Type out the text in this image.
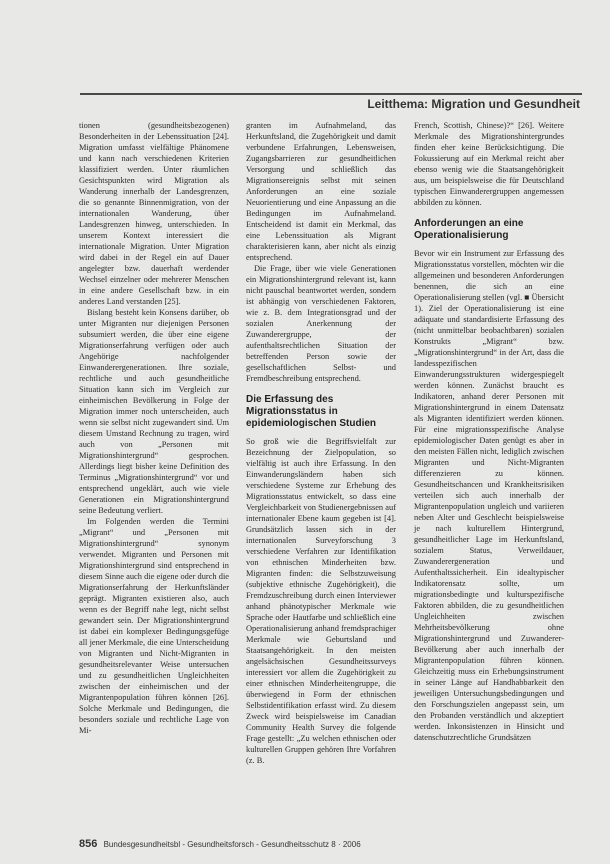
Leitthema: Migration und Gesundheit

tionen (gesundheitsbezogenen) Besonderheiten in der Lebenssituation [24]. Migration umfasst vielfältige Phänomene und kann nach verschiedenen Kriterien klassifiziert werden. Unter räumlichen Gesichtspunkten wird Migration als Wanderung innerhalb der Landesgrenzen, die so genannte Binnenmigration, von der internationalen Wanderung, über Landesgrenzen hinweg, unterschieden. In unserem Kontext interessiert die internationale Migration. Unter Migration wird dabei in der Regel ein auf Dauer angelegter bzw. dauerhaft werdender Wechsel einzelner oder mehrerer Menschen in eine andere Gesellschaft bzw. in ein anderes Land verstanden [25].

Bislang besteht kein Konsens darüber, ob unter Migranten nur diejenigen Personen subsumiert werden, die über eine eigene Migrationserfahrung verfügen oder auch Angehörige nachfolgender Einwanderergenerationen. Ihre soziale, rechtliche und auch gesundheitliche Situation kann sich im Vergleich zur einheimischen Bevölkerung in Folge der Migration immer noch unterscheiden, auch wenn sie selbst nicht zugewandert sind. Um diesem Umstand Rechnung zu tragen, wird auch von „Personen mit Migrationshintergrund“ gesprochen. Allerdings liegt bisher keine Definition des Terminus „Migrationshintergrund“ vor und entsprechend ungeklärt, auch wie viele Generationen ein Migrationshintergrund seine Bedeutung verliert.

Im Folgenden werden die Termini „Migrant“ und „Personen mit Migrationshintergrund“ synonym verwendet. Migranten und Personen mit Migrationshintergrund sind entsprechend in diesem Sinne auch die eigene oder durch die Migrationserfahrung der Herkunftsländer geprägt. Migranten existieren also, auch wenn es der Begriff nahe legt, nicht selbst gewandert sein. Der Migrationshintergrund ist dabei ein komplexer Bedingungsgefüge all jener Merkmale, die eine Unterscheidung von Migranten und Nicht-Migranten in gesundheitsrelevanter Weise untersuchen und zu gesundheitlichen Ungleichheiten zwischen der einheimischen und der Migrantenpopulation führen können [26]. Solche Merkmale und Bedingungen, die besonders soziale und rechtliche Lage von Mi-

granten im Aufnahmeland, das Herkunftsland, die Zugehörigkeit und damit verbundene Erfahrungen, Lebensweisen, Zugangsbarrieren zur gesundheitlichen Versorgung und schließlich das Migrationsereignis selbst mit seinen Anforderungen an eine soziale Neuorientierung und eine Anpassung an die Bedingungen im Aufnahmeland. Entscheidend ist damit ein Merkmal, das eine Lebenssituation als Migrant charakterisieren kann, aber nicht als einzig entsprechend.

Die Frage, über wie viele Generationen ein Migrationshintergrund relevant ist, kann nicht pauschal beantwortet werden, sondern ist abhängig von verschiedenen Faktoren, wie z. B. dem Integrationsgrad und der sozialen Anerkennung der Zuwanderergruppe, der aufenthaltsrechtlichen Situation der betreffenden Person sowie der gesellschaftlichen Selbst- und Fremdbeschreibung entsprechend.

Die Erfassung des Migrationsstatus in epidemiologischen Studien

So groß wie die Begriffsvielfalt zur Bezeichnung der Zielpopulation, so vielfältig ist auch ihre Erfassung. In den Einwanderungsländern haben sich verschiedene Systeme zur Erhebung des Migrationsstatus entwickelt, so dass eine Vergleichbarkeit von Studienergebnissen auf internationaler Ebene kaum gegeben ist [4]. Grundsätzlich lassen sich in der internationalen Surveyforschung 3 verschiedene Verfahren zur Identifikation von ethnischen Minderheiten bzw. Migranten finden: die Selbstzuweisung (subjektive ethnische Zugehörigkeit), die Fremdzuschreibung durch einen Interviewer anhand phänotypischer Merkmale wie Sprache oder Hautfarbe und schließlich eine Operationalisierung anhand fremdsprachiger Merkmale wie Geburtsland und Staatsangehörigkeit. In den meisten angelsächsischen Gesundheitssurveys interessiert vor allem die Zugehörigkeit zu einer ethnischen Minderheitengruppe, die überwiegend in Form der ethnischen Selbstidentifikation erfasst wird. Zu diesem Zweck wird beispielsweise im Canadian Community Health Survey die folgende Frage gestellt: „Zu welchen ethnischen oder kulturellen Gruppen gehören Ihre Vorfahren (z. B.

French, Scottish, Chinese)?“ [26]. Weitere Merkmale des Migrationshintergrundes finden eher keine Berücksichtigung. Die Fokussierung auf ein Merkmal reicht aber ebenso wenig wie die Staatsangehörigkeit aus, um beispielsweise die für Deutschland typischen Einwanderergruppen angemessen abbilden zu können.

Anforderungen an eine Operationalisierung

Bevor wir ein Instrument zur Erfassung des Migrationsstatus vorstellen, möchten wir die allgemeinen und besonderen Anforderungen benennen, die sich an eine Operationalisierung stellen (vgl. ■ Übersicht 1). Ziel der Operationalisierung ist eine adäquate und standardisierte Erfassung des (nicht unmittelbar beobachtbaren) sozialen Konstrukts „Migrant“ bzw. „Migrationshintergrund“ in der Art, dass die landesspezifischen Einwanderungsstrukturen widergespiegelt werden können. Zunächst braucht es Indikatoren, anhand derer Personen mit Migrationshintergrund in einem Datensatz als Migranten identifiziert werden können. Für eine migrationsspezifische Analyse epidemiologischer Daten genügt es aber in den meisten Fällen nicht, lediglich zwischen Migranten und Nicht-Migranten differenzieren zu können. Gesundheitschancen und Krankheitsrisiken verteilen sich auch innerhalb der Migrantenpopulation ungleich und variieren neben Alter und Geschlecht beispielsweise je nach kulturellem Hintergrund, gesundheitlicher Lage im Herkunftsland, sozialem Status, Verweildauer, Zuwanderergeneration und Aufenthaltssicherheit. Ein idealtypischer Indikatorensatz sollte, um migrationsbedingte und kulturspezifische Faktoren abbilden, die zu gesundheitlichen Ungleichheiten zwischen Mehrheitsbevölkerung ohne Migrationshintergrund und Zuwanderer-Bevölkerung aber auch innerhalb der Migrantenpopulation führen können. Gleichzeitig muss ein Erhebungsinstrument in seiner Länge auf Handhabbarkeit den jeweiligen Untersuchungsbedingungen und den Forschungszielen angepasst sein, um den Probanden verständlich und akzeptiert werden. Inkonsistenzen in Hinsicht und datenschutzrechtliche Grundsätzen

856 Bundesgesundheitsbl - Gesundheitsforsch - Gesundheitsschutz 8 · 2006
